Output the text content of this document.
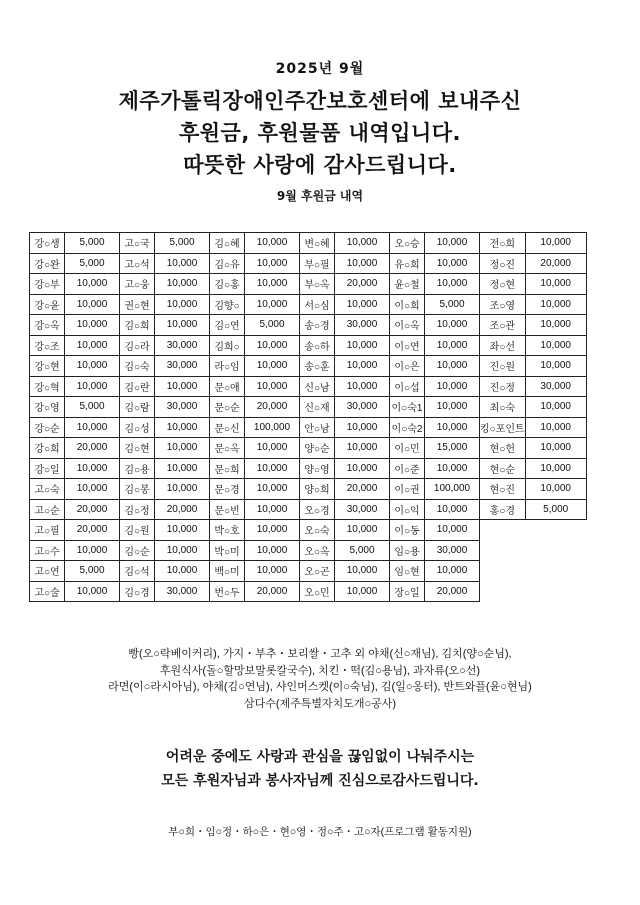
2025년 9월
제주가톨릭장애인주간보호센터에 보내주신
후원금, 후원물품 내역입니다.
따뜻한 사랑에 감사드립니다.
9월 후원금 내역
강○생	5,000	고○국	5,000	김○혜	10,000	변○혜	10,000	오○승	10,000	전○희	10,000
강○완	5,000	고○석	10,000	김○유	10,000	부○필	10,000	유○희	10,000	정○진	20,000
강○부	10,000	고○웅	10,000	김○홍	10,000	부○옥	20,000	윤○철	10,000	정○현	10,000
강○윤	10,000	권○현	10,000	김향○	10,000	서○심	10,000	이○희	5,000	조○영	10,000
강○옥	10,000	김○희	10,000	김○연	5,000	송○경	30,000	이○옥	10,000	조○관	10,000
강○조	10,000	김○라	30,000	김희○	10,000	송○하	10,000	이○연	10,000	좌○선	10,000
강○현	10,000	김○숙	30,000	라○임	10,000	송○훈	10,000	이○은	10,000	진○원	10,000
강○혁	10,000	김○란	10,000	문○애	10,000	신○남	10,000	이○섭	10,000	진○정	30,000
강○영	5,000	김○람	30,000	문○순	20,000	신○재	30,000	이○숙1	10,000	최○숙	10,000
강○순	10,000	김○성	10,000	문○신	100,000	안○남	10,000	이○숙2	10,000	킹○포인트	10,000
강○희	20,000	김○현	10,000	문○옥	10,000	양○순	10,000	이○민	15,000	현○헌	10,000
강○일	10,000	김○용	10,000	문○희	10,000	양○영	10,000	이○준	10,000	현○순	10,000
고○숙	10,000	김○봉	10,000	문○경	10,000	양○희	20,000	이○권	100,000	현○진	10,000
고○순	20,000	김○정	20,000	문○빈	10,000	오○경	30,000	이○익	10,000	홍○경	5,000
고○필	20,000	김○원	10,000	박○호	10,000	오○숙	10,000	이○동	10,000		
고○수	10,000	김○순	10,000	박○미	10,000	오○옥	5,000	임○용	30,000		
고○연	5,000	김○석	10,000	백○미	10,000	오○곤	10,000	임○현	10,000		
고○술	10,000	김○경	30,000	번○두	20,000	오○민	10,000	장○일	20,000		
빵(오○락베이커리), 가지・부추・보리쌀・고추 외 야채(신○재님), 김치(양○순님),
후원식사(돌○할망보말롯칼국수), 치킨・떡(김○용님), 과자류(오○선)
라면(이○라시아님), 야채(김○연님), 샤인머스켓(이○숙님), 김(일○옹터), 반트와플(윤○현님)
삼다수(제주특별자치도개○공사)
어려운 중에도 사랑과 관심을 끊임없이 나눠주시는
모든 후원자님과 봉사자님께 진심으로감사드립니다.
부○희・임○정・하○은・현○영・정○주・고○자(프로그램 활동지원)
